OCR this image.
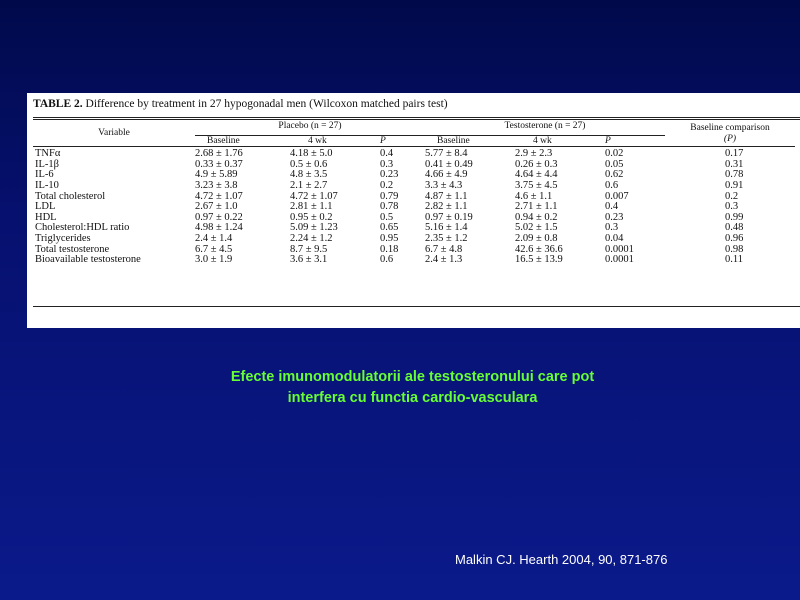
TABLE 2. Difference by treatment in 27 hypogonadal men (Wilcoxon matched pairs test)
Variable	Placebo (n = 27)			Testosterone (n = 27)			Baseline comparison
(P)
	Baseline	4 wk	P	Baseline	4 wk	P	
TNFα	2.68 ± 1.76	4.18 ± 5.0	0.4	5.77 ± 8.4	2.9 ± 2.3	0.02	0.17
IL-1β	0.33 ± 0.37	0.5 ± 0.6	0.3	0.41 ± 0.49	0.26 ± 0.3	0.05	0.31
IL-6	4.9 ± 5.89	4.8 ± 3.5	0.23	4.66 ± 4.9	4.64 ± 4.4	0.62	0.78
IL-10	3.23 ± 3.8	2.1 ± 2.7	0.2	3.3 ± 4.3	3.75 ± 4.5	0.6	0.91
Total cholesterol	4.72 ± 1.07	4.72 ± 1.07	0.79	4.87 ± 1.1	4.6 ± 1.1	0.007	0.2
LDL	2.67 ± 1.0	2.81 ± 1.1	0.78	2.82 ± 1.1	2.71 ± 1.1	0.4	0.3
HDL	0.97 ± 0.22	0.95 ± 0.2	0.5	0.97 ± 0.19	0.94 ± 0.2	0.23	0.99
Cholesterol:HDL ratio	4.98 ± 1.24	5.09 ± 1.23	0.65	5.16 ± 1.4	5.02 ± 1.5	0.3	0.48
Triglycerides	2.4 ± 1.4	2.24 ± 1.2	0.95	2.35 ± 1.2	2.09 ± 0.8	0.04	0.96
Total testosterone	6.7 ± 4.5	8.7 ± 9.5	0.18	6.7 ± 4.8	42.6 ± 36.6	0.0001	0.98
Bioavailable testosterone	3.0 ± 1.9	3.6 ± 3.1	0.6	2.4 ± 1.3	16.5 ± 13.9	0.0001	0.11
Efecte imunomodulatorii ale testosteronului care pot
interfera cu functia cardio-vasculara
Malkin CJ. Hearth 2004, 90, 871-876
